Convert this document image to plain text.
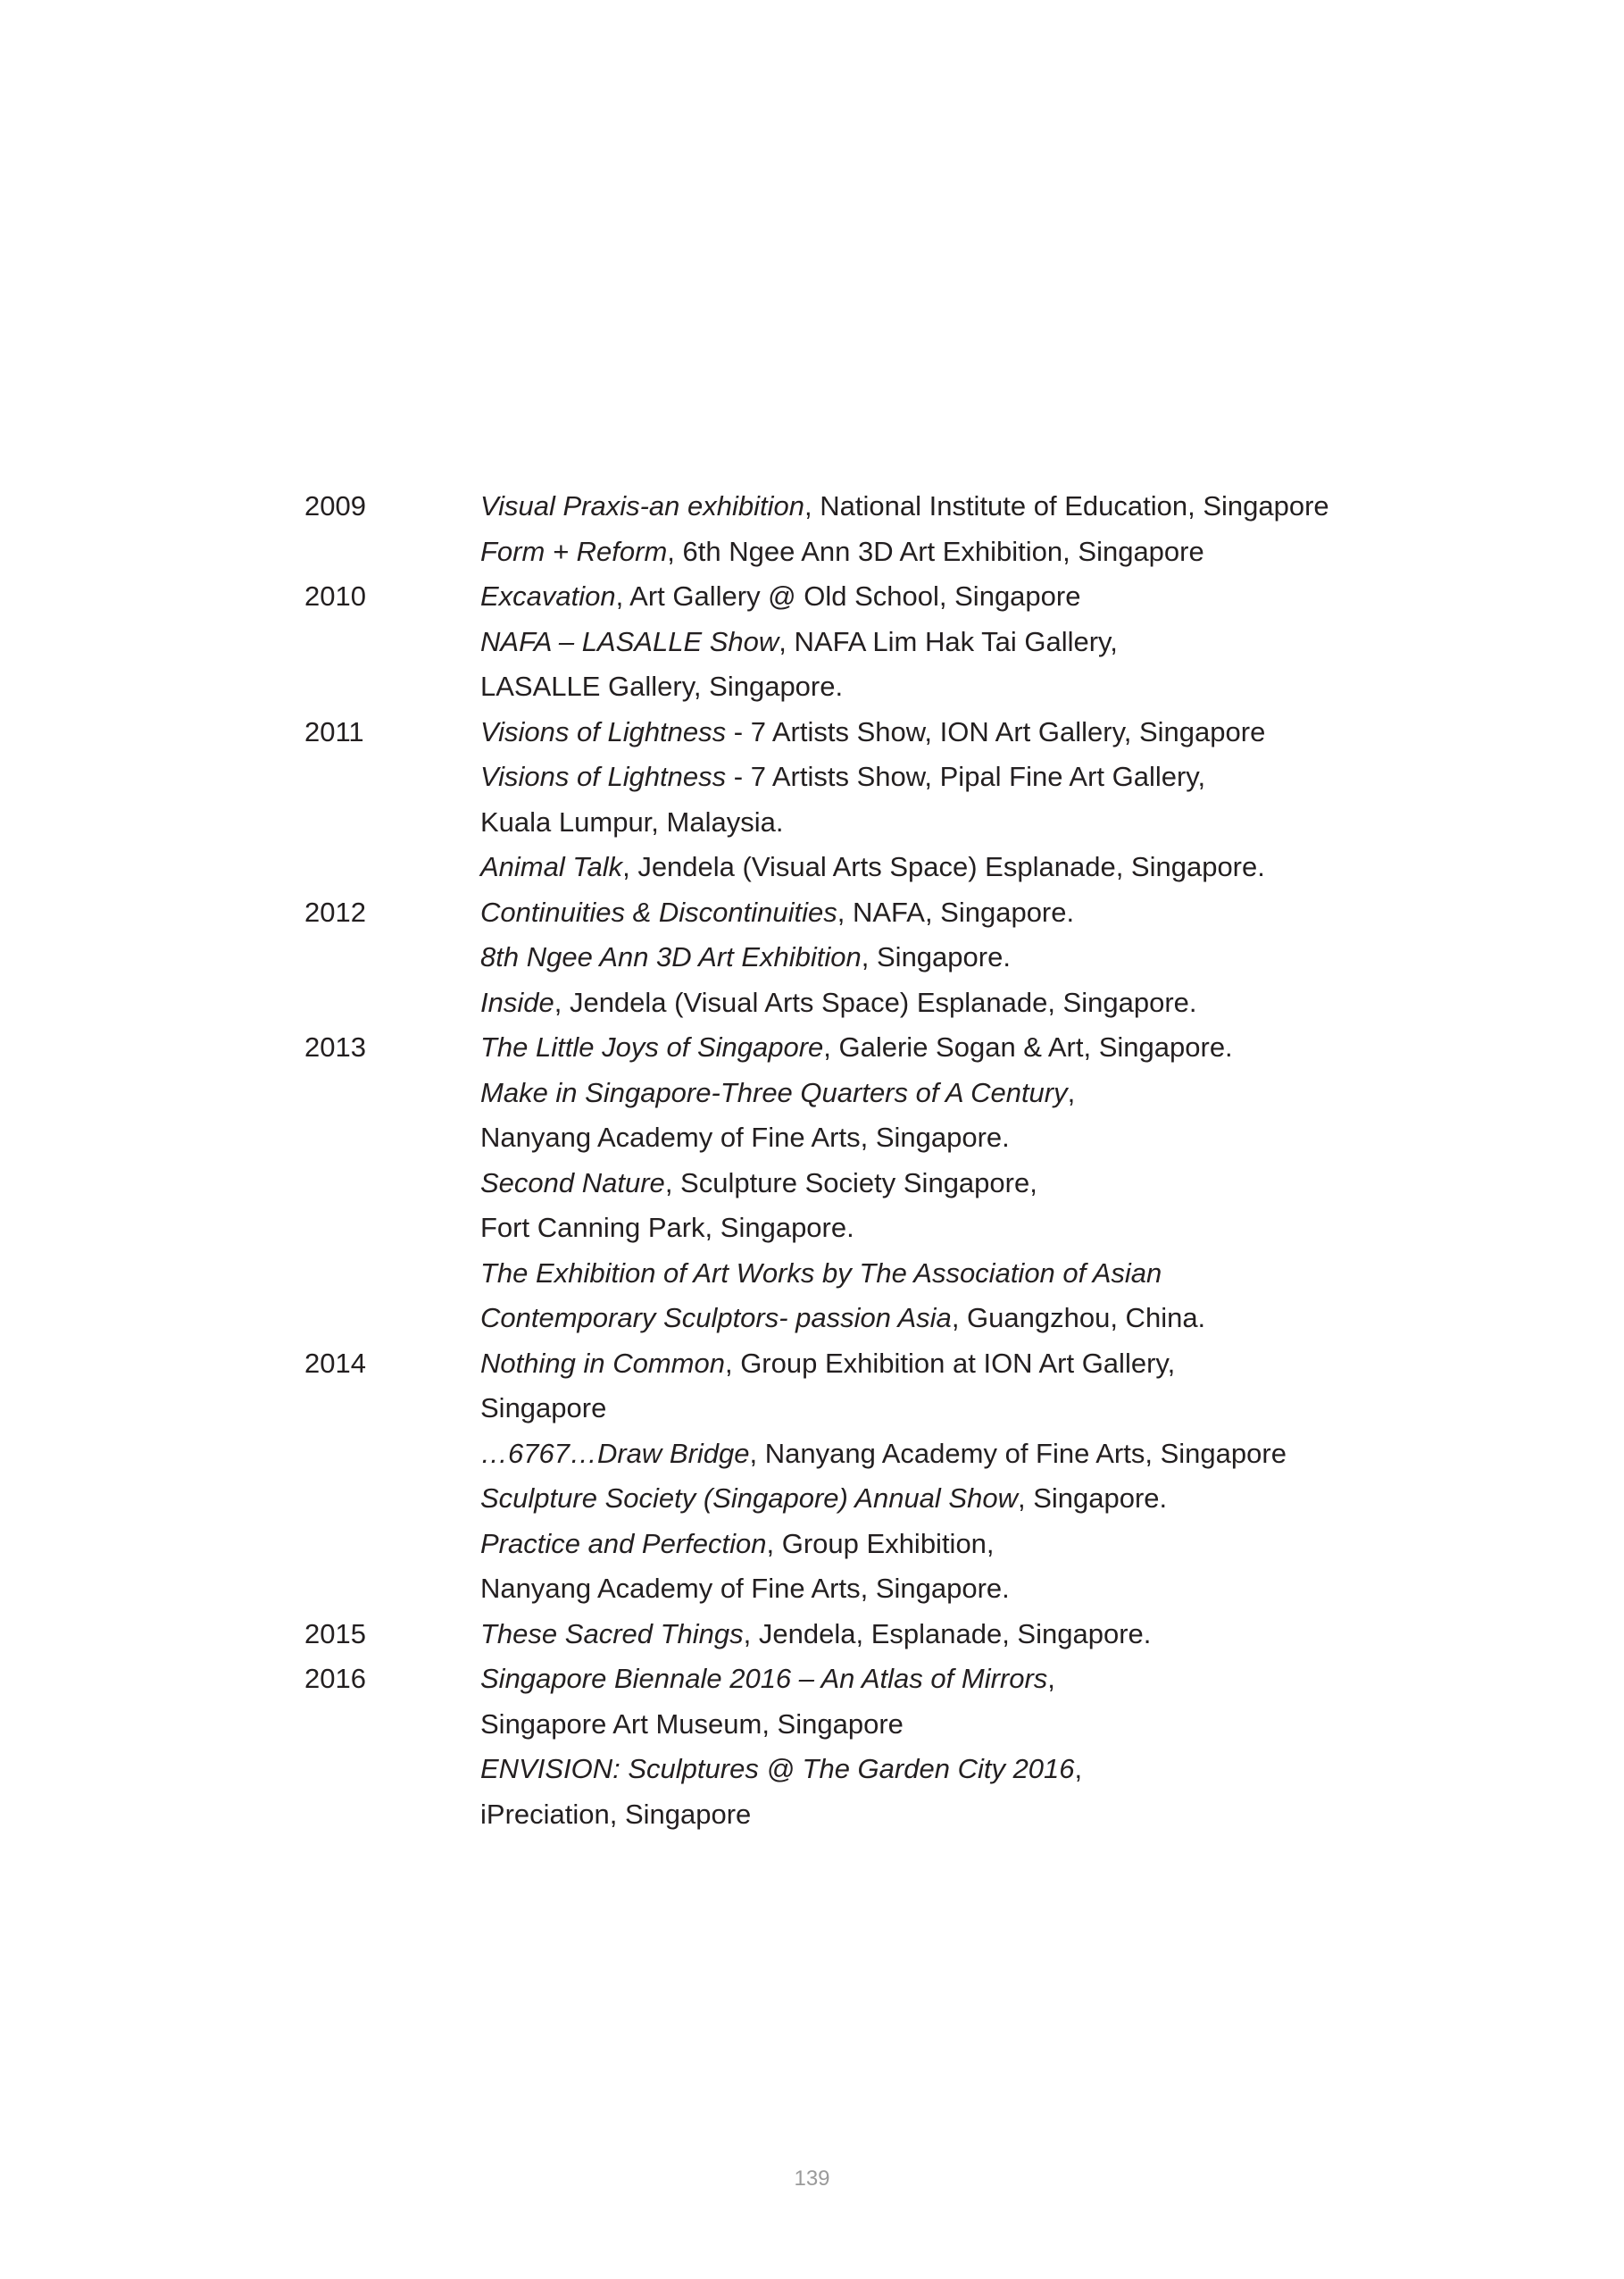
2009	Visual Praxis-an exhibition, National Institute of Education, Singapore
Form + Reform, 6th Ngee Ann 3D Art Exhibition, Singapore
2010	Excavation, Art Gallery @ Old School, Singapore
NAFA – LASALLE Show, NAFA Lim Hak Tai Gallery,
LASALLE Gallery, Singapore.
2011	Visions of Lightness - 7 Artists Show, ION Art Gallery, Singapore
Visions of Lightness - 7 Artists Show, Pipal Fine Art Gallery,
Kuala Lumpur, Malaysia.
Animal Talk, Jendela (Visual Arts Space) Esplanade, Singapore.
2012	Continuities & Discontinuities, NAFA, Singapore.
8th Ngee Ann 3D Art Exhibition, Singapore.
Inside, Jendela (Visual Arts Space) Esplanade, Singapore.
2013	The Little Joys of Singapore, Galerie Sogan & Art, Singapore.
Make in Singapore-Three Quarters of A Century,
Nanyang Academy of Fine Arts, Singapore.
Second Nature, Sculpture Society Singapore,
Fort Canning Park, Singapore.
The Exhibition of Art Works by The Association of Asian
Contemporary Sculptors- passion Asia, Guangzhou, China.
2014	Nothing in Common, Group Exhibition at ION Art Gallery,
Singapore
…6767…Draw Bridge, Nanyang Academy of Fine Arts, Singapore
Sculpture Society (Singapore) Annual Show, Singapore.
Practice and Perfection, Group Exhibition,
Nanyang Academy of Fine Arts, Singapore.
2015	These Sacred Things, Jendela, Esplanade, Singapore.
2016	Singapore Biennale 2016 – An Atlas of Mirrors,
Singapore Art Museum, Singapore
ENVISION: Sculptures @ The Garden City 2016,
iPreciation, Singapore
139
